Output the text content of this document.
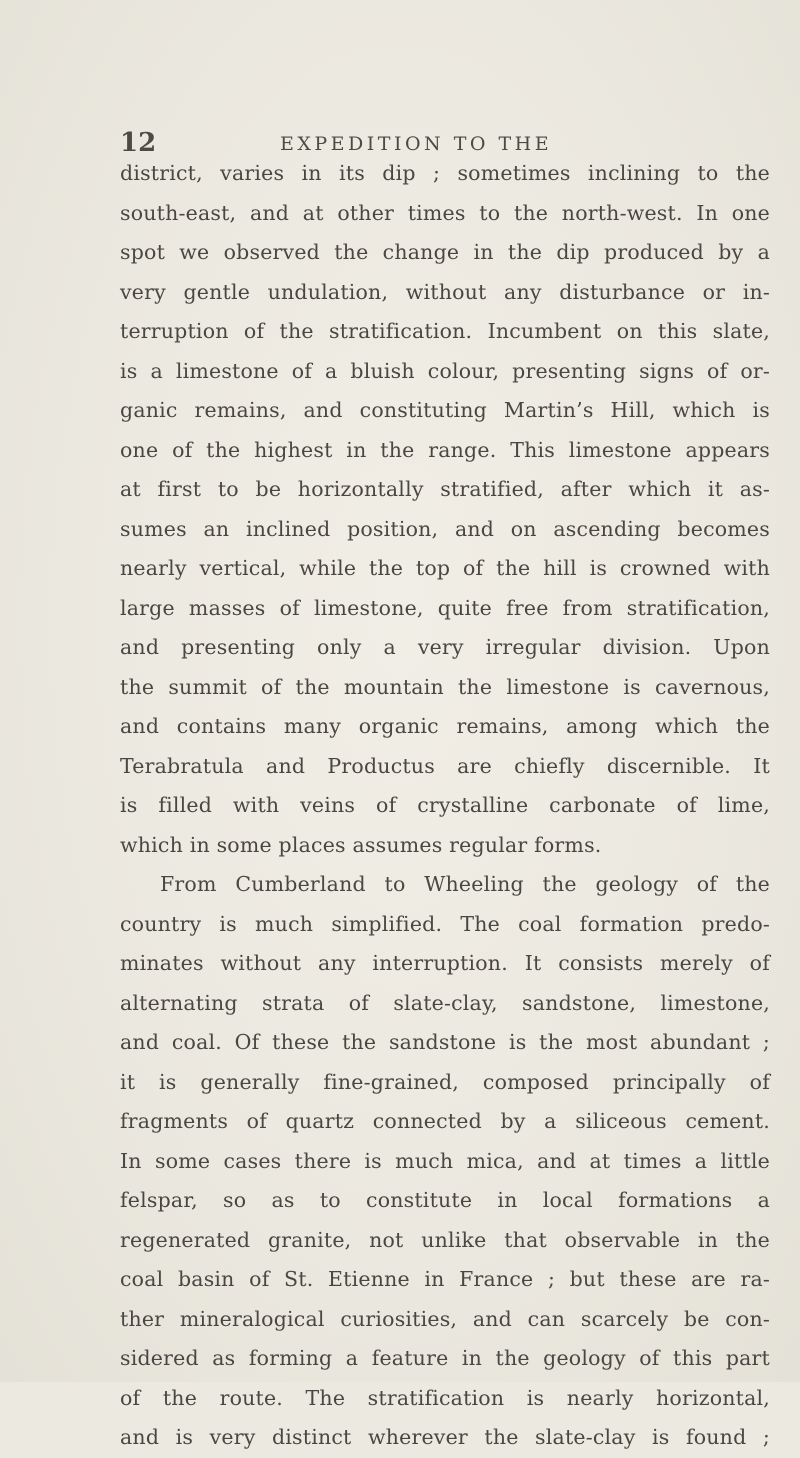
12	EXPEDITION TO THE
district, varies in its dip ; sometimes inclining to the
south-east, and at other times to the north-west. In one
spot we observed the change in the dip produced by a
very gentle undulation, without any disturbance or in-
terruption of the stratification. Incumbent on this slate,
is a limestone of a bluish colour, presenting signs of or-
ganic remains, and constituting Martin’s Hill, which is
one of the highest in the range. This limestone appears
at first to be horizontally stratified, after which it as-
sumes an inclined position, and on ascending becomes
nearly vertical, while the top of the hill is crowned with
large masses of limestone, quite free from stratification,
and presenting only a very irregular division. Upon
the summit of the mountain the limestone is cavernous,
and contains many organic remains, among which the
Terabratula and Productus are chiefly discernible. It
is filled with veins of crystalline carbonate of lime,
which in some places assumes regular forms.
From Cumberland to Wheeling the geology of the
country is much simplified. The coal formation predo-
minates without any interruption. It consists merely of
alternating strata of slate-clay, sandstone, limestone,
and coal. Of these the sandstone is the most abundant ;
it is generally fine-grained, composed principally of
fragments of quartz connected by a siliceous cement.
In some cases there is much mica, and at times a little
felspar, so as to constitute in local formations a
regenerated granite, not unlike that observable in the
coal basin of St. Etienne in France ; but these are ra-
ther mineralogical curiosities, and can scarcely be con-
sidered as forming a feature in the geology of this part
of the route. The stratification is nearly horizontal,
and is very distinct wherever the slate-clay is found ;
